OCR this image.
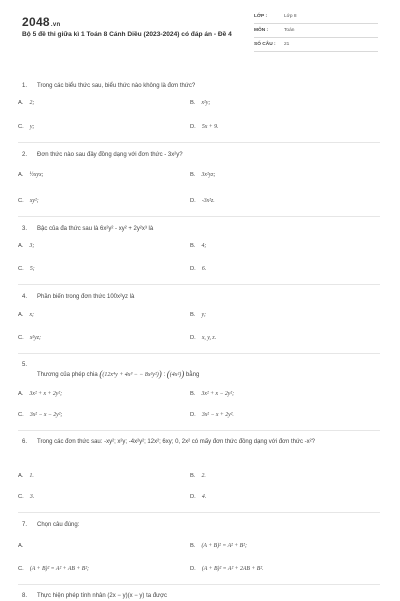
2048.vn
Bộ 5 đề thi giữa kì 1 Toán 8 Cánh Diều (2023-2024) có đáp án - Đề 4
LỚP :	Lớp 8
MÔN :	Toán
SỐ CÂU : 21
1. Trong các biểu thức sau, biểu thức nào không là đơn thức?
A. 2;	B. x²y;
C. y;	D. 5x + 9.
2. Đơn thức nào sau đây đồng dạng với đơn thức - 3x²y?
A. ½xyx;	B. 3x²yz;
C. xy²;	D. -3x²z.
3. Bậc của đa thức sau là 6x²y² - xy² + 2y²x³ là
A. 3;	B. 4;
C. 5;	D. 6.
4. Phần biến trong đơn thức 100x²yz là
A. x;	B. y;
C. x²yz;	D. x, y, z.
5.
Thương của phép chia ((12x⁴y + 4x³ − − 8x²y²)) : ((4x²)) bằng
A. 3x² + x + 2y²;	B. 3x² + x − 2y²;
C. 3x² − x − 2y²;	D. 3x² − x + 2y².
6. Trong các đơn thức sau: -xy²; x²y; -4x²y²; 12x²; 6xy; 0, 2x² có mấy đơn thức đồng dạng với đơn thức -x²?
A. 1.	B. 2.
C. 3.	D. 4.
7. Chọn câu đúng:
A.	B. (A + B)² = A² + B²;
C. (A + B)² = A² + AB + B²;	D. (A + B)² = A² + 2AB + B².
8. Thực hiện phép tính nhân (2x − y)(x − y) ta được
